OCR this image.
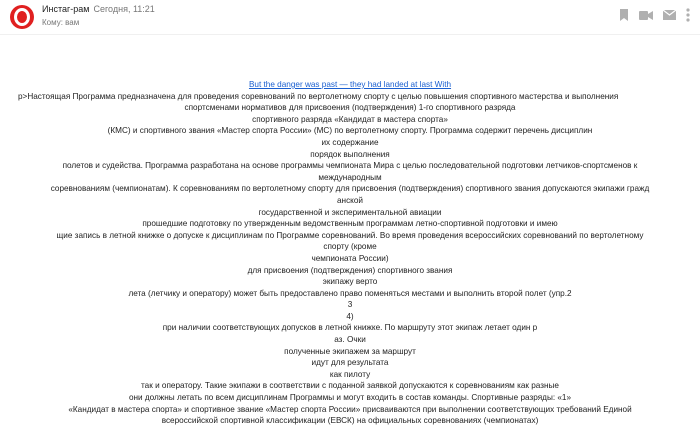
Инстаг-рам Сегодня, 11:21
Кому: вам

But the danger was past — they had landed at last With

p>Настоящая Программа предназначена для проведения соревнований по вертолетному спорту с целью повышения спортивного мастерства и выполнения

спортсменами нормативов для присвоения (подтверждения) 1-го спортивного разряда

спортивного разряда «Кандидат в мастера спорта»

(КМС) и спортивного звания «Мастер спорта России» (МС) по вертолетному спорту. Программа содержит перечень дисциплин

их содержание

порядок выполнения

полетов и судейства. Программа разработана на основе программы чемпионата Мира с целью последовательной подготовки летчиков-спортсменов к

международным

соревнованиям (чемпионатам). К соревнованиям по вертолетному спорту для присвоения (подтверждения) спортивного звания допускаются экипажи гражд

анской

государственной и экспериментальной авиации

прошедшие подготовку по утвержденным ведомственным программам летно-спортивной подготовки и имею

щие запись в летной книжке о допуске к дисциплинам по Программе соревнований. Во время проведения всероссийских соревнований по вертолетному

спорту (кроме

чемпионата России)

для присвоения (подтверждения) спортивного звания

экипажу верто

лета (летчику и оператору) может быть предоставлено право поменяться местами и выполнить второй полет (упр.2

3

4)

при наличии соответствующих допусков в летной книжке. По маршруту этот экипаж летает один р

аз. Очки

полученные экипажем за маршрут

идут для результата

как пилоту

так и оператору. Такие экипажи в соответствии с поданной заявкой допускаются к соревнованиям как разные

они должны летать по всем дисциплинам Программы и могут входить в состав команды. Спортивные разряды: «1»

«Кандидат в мастера спорта» и спортивное звание «Мастер спорта России» присваиваются при выполнении соответствующих требований Единой

всероссийской спортивной классификации (ЕВСК) на официальных соревнованиях (чемпионатах)
